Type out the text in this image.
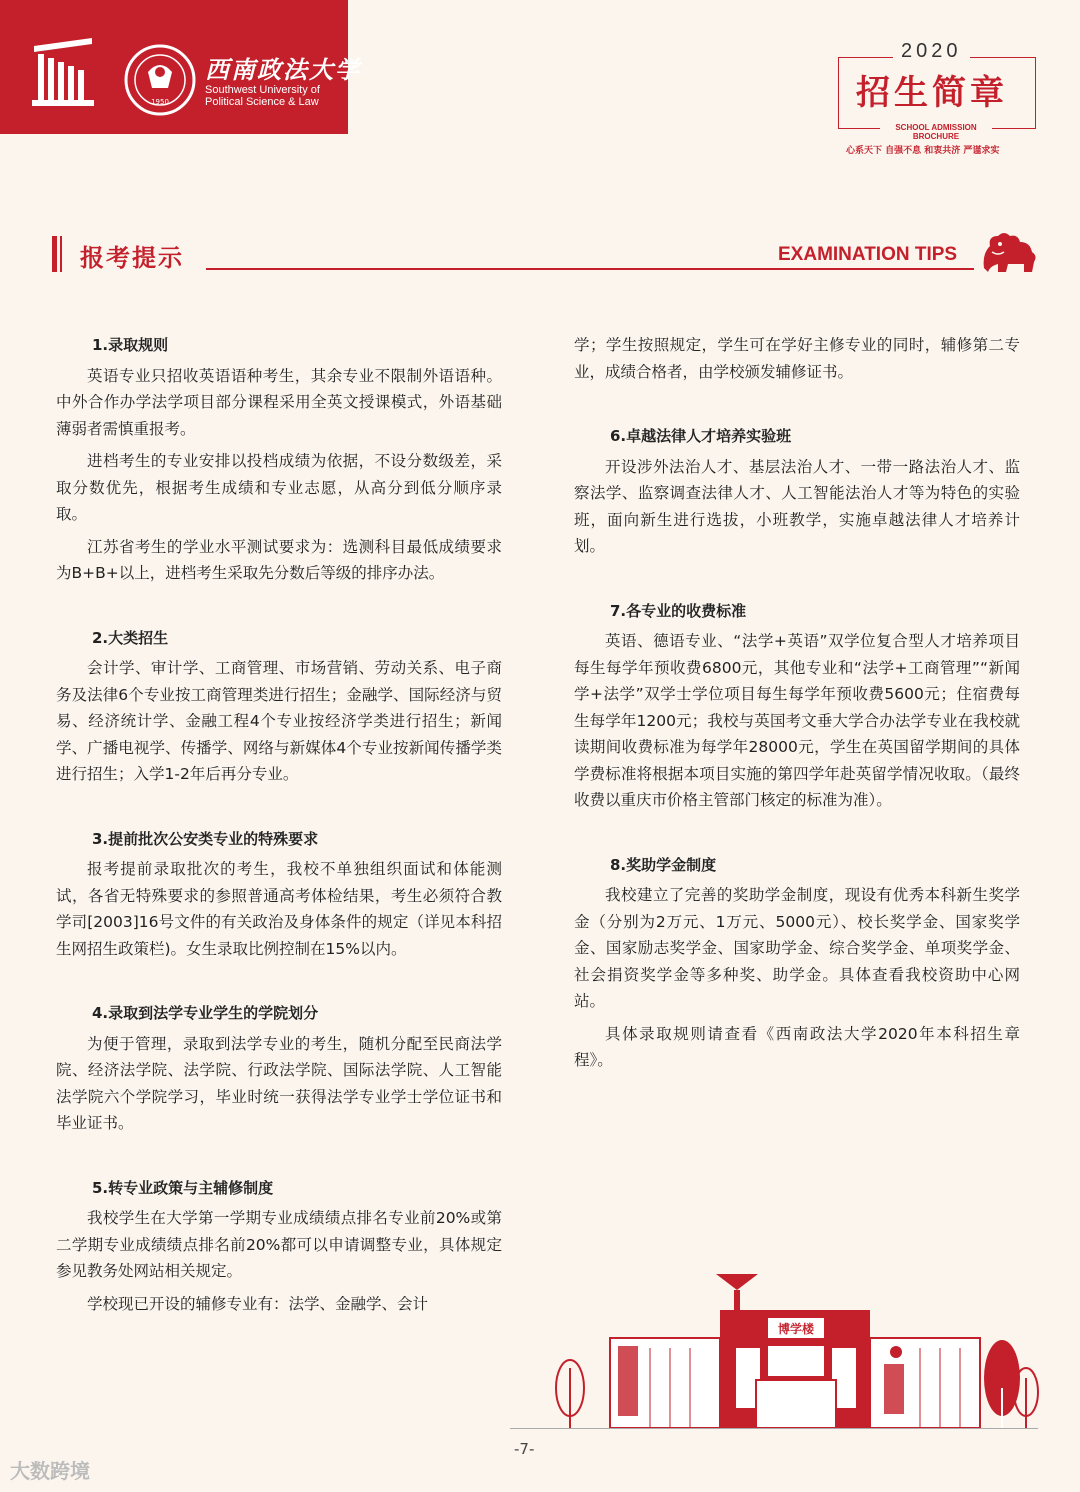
1950
西南政法大学
Southwest University of Political Science & Law
2020
招生简章
SCHOOL ADMISSION
BROCHURE
心系天下 自强不息 和衷共济 严谨求实
报考提示	EXAMINATION TIPS
1.录取规则

英语专业只招收英语语种考生，其余专业不限制外语语种。中外合作办学法学项目部分课程采用全英文授课模式，外语基础薄弱者需慎重报考。

进档考生的专业安排以投档成绩为依据，不设分数级差，采取分数优先，根据考生成绩和专业志愿，从高分到低分顺序录取。

江苏省考生的学业水平测试要求为：选测科目最低成绩要求为B+B+以上，进档考生采取先分数后等级的排序办法。

2.大类招生

会计学、审计学、工商管理、市场营销、劳动关系、电子商务及法律6个专业按工商管理类进行招生；金融学、国际经济与贸易、经济统计学、金融工程4个专业按经济学类进行招生；新闻学、广播电视学、传播学、网络与新媒体4个专业按新闻传播学类进行招生；入学1-2年后再分专业。

3.提前批次公安类专业的特殊要求

报考提前录取批次的考生，我校不单独组织面试和体能测试，各省无特殊要求的参照普通高考体检结果，考生必须符合教学司[2003]16号文件的有关政治及身体条件的规定（详见本科招生网招生政策栏)。女生录取比例控制在15%以内。

4.录取到法学专业学生的学院划分

为便于管理，录取到法学专业的考生，随机分配至民商法学院、经济法学院、法学院、行政法学院、国际法学院、人工智能法学院六个学院学习，毕业时统一获得法学专业学士学位证书和毕业证书。

5.转专业政策与主辅修制度

我校学生在大学第一学期专业成绩绩点排名专业前20%或第二学期专业成绩绩点排名前20%都可以申请调整专业，具体规定参见教务处网站相关规定。

学校现已开设的辅修专业有：法学、金融学、会计

学；学生按照规定，学生可在学好主修专业的同时，辅修第二专业，成绩合格者，由学校颁发辅修证书。

6.卓越法律人才培养实验班

开设涉外法治人才、基层法治人才、一带一路法治人才、监察法学、监察调查法律人才、人工智能法治人才等为特色的实验班，面向新生进行选拔，小班教学，实施卓越法律人才培养计划。

7.各专业的收费标准

英语、德语专业、“法学+英语”双学位复合型人才培养项目每生每学年预收费6800元，其他专业和“法学+工商管理”“新闻学+法学”双学士学位项目每生每学年预收费5600元；住宿费每生每学年1200元；我校与英国考文垂大学合办法学专业在我校就读期间收费标准为每学年28000元，学生在英国留学期间的具体学费标准将根据本项目实施的第四学年赴英留学情况收取。（最终收费以重庆市价格主管部门核定的标准为准）。

8.奖助学金制度

我校建立了完善的奖助学金制度，现设有优秀本科新生奖学金（分别为2万元、1万元、5000元）、校长奖学金、国家奖学金、国家励志奖学金、国家助学金、综合奖学金、单项奖学金、社会捐资奖学金等多种奖、助学金。具体查看我校资助中心网站。

具体录取规则请查看《西南政法大学2020年本科招生章程》。

博学楼
-7-
大数跨境
